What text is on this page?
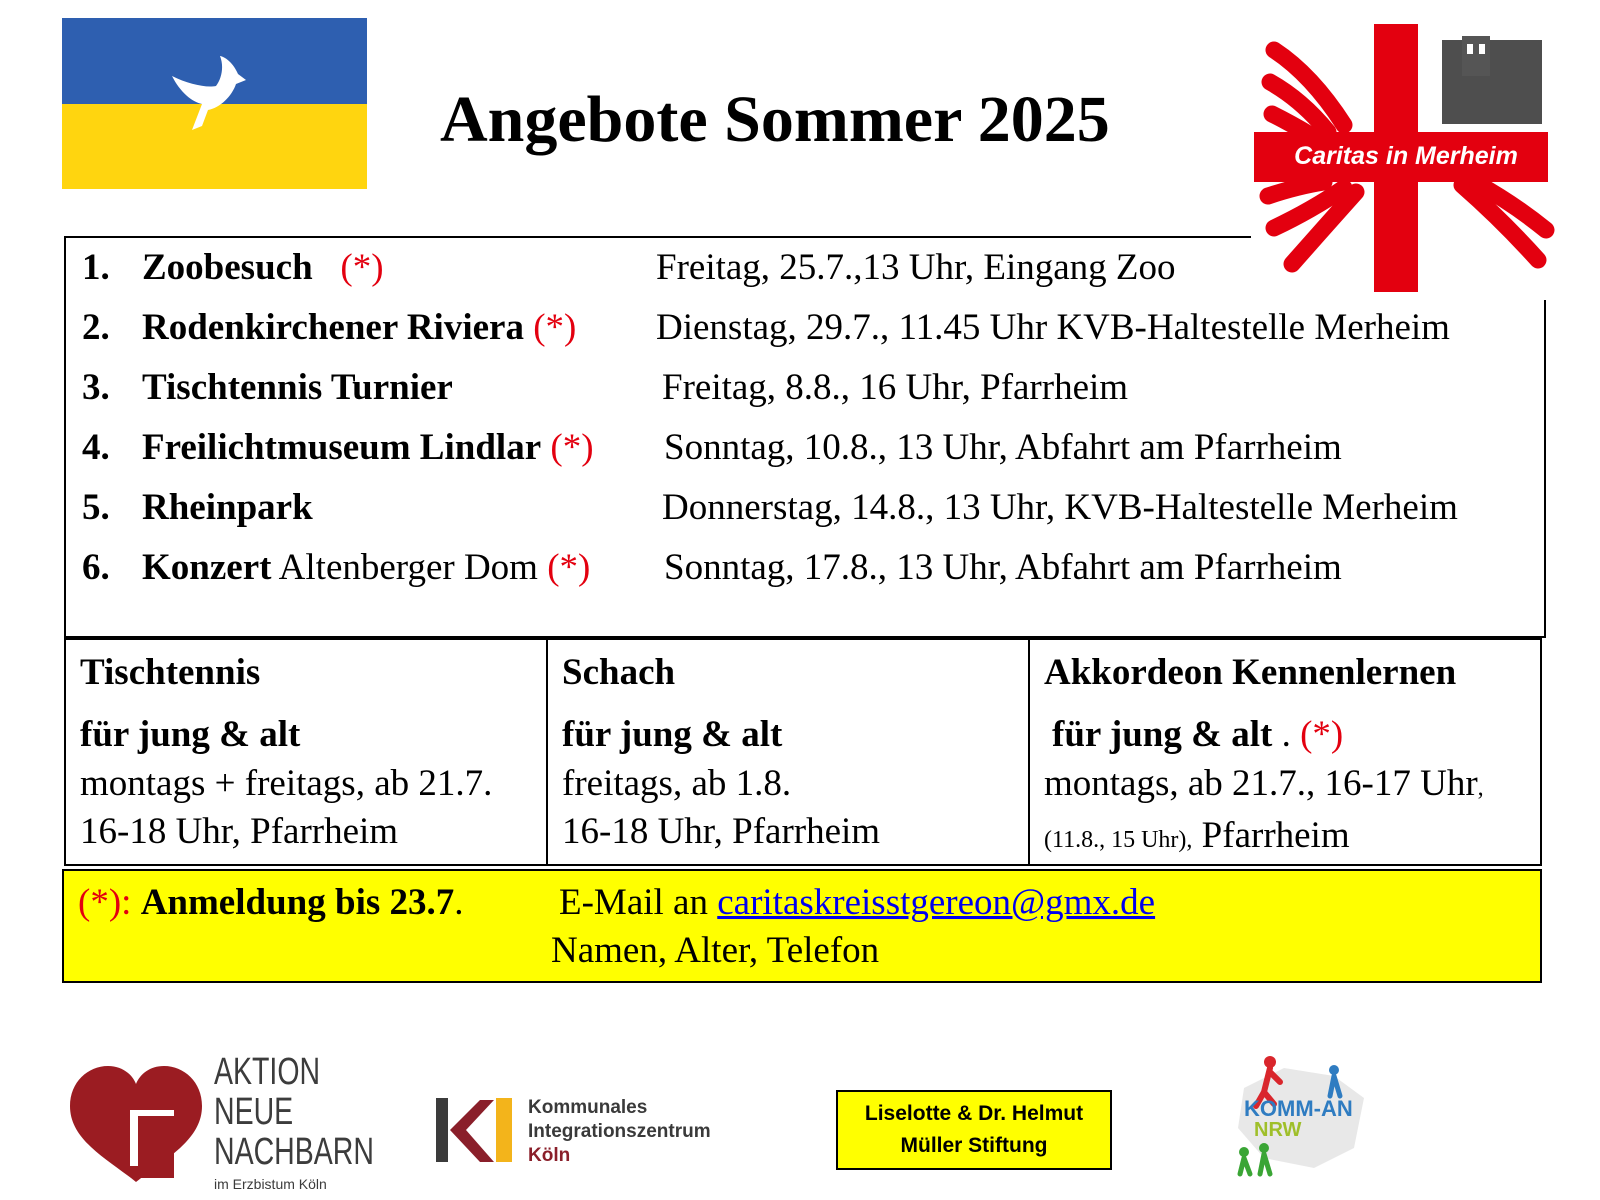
Angebote Sommer 2025	Caritas in Merheim
1. Zoobesuch (*)	Freitag, 25.7.,13 Uhr, Eingang Zoo
2. Rodenkirchener Riviera (*) Dienstag, 29.7., 11.45 Uhr KVB-Haltestelle Merheim
3. Tischtennis Turnier	Freitag, 8.8., 16 Uhr, Pfarrheim
4. Freilichtmuseum Lindlar (*) Sonntag, 10.8., 13 Uhr, Abfahrt am Pfarrheim
5. Rheinpark	Donnerstag, 14.8., 13 Uhr, KVB-Haltestelle Merheim
6. Konzert Altenberger Dom (*) Sonntag, 17.8., 13 Uhr, Abfahrt am Pfarrheim
Tischtennis
für jung & alt
montags + freitags, ab 21.7.
16-18 Uhr, Pfarrheim
Schach
für jung & alt
freitags, ab 1.8.
16-18 Uhr, Pfarrheim
Akkordeon Kennenlernen
für jung & alt . (*)
montags, ab 21.7., 16-17 Uhr,
(11.8., 15 Uhr), Pfarrheim
(*): Anmeldung bis 23.7.	E-Mail an caritaskreisstgereon@gmx.de
Namen, Alter, Telefon
AKTION
NEUE
NACHBARN
im Erzbistum Köln
Kommunales
Integrationszentrum
Köln
Liselotte & Dr. Helmut
Müller Stiftung
KOMM-AN
NRW
